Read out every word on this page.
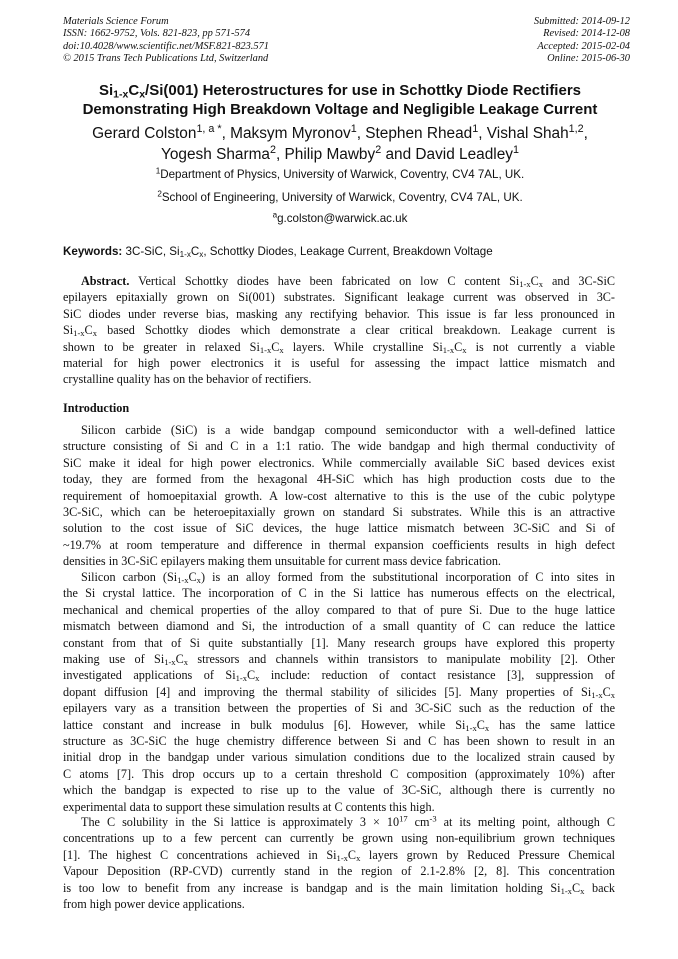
Materials Science Forum
ISSN: 1662-9752, Vols. 821-823, pp 571-574
doi:10.4028/www.scientific.net/MSF.821-823.571
© 2015 Trans Tech Publications Ltd, Switzerland
Submitted: 2014-09-12
Revised: 2014-12-08
Accepted: 2015-02-04
Online: 2015-06-30
$Si_{1-x}C_x/Si(001)$ Heterostructures for use in Schottky Diode Rectifiers
Demonstrating High Breakdown Voltage and Negligible Leakage Current
Gerard Colston$^{1, a *}$, Maksym Myronov$^1$, Stephen Rhead$^1$, Vishal Shah$^{1,2}$,
Yogesh Sharma$^2$, Philip Mawby$^2$ and David Leadley$^1$
$^1$Department of Physics, University of Warwick, Coventry, CV4 7AL, UK.
$^2$School of Engineering, University of Warwick, Coventry, CV4 7AL, UK.
$^a$g.colston@warwick.ac.uk
Keywords: 3C-SiC, $Si_{1-x}C_x$, Schottky Diodes, Leakage Current, Breakdown Voltage
Abstract. Vertical Schottky diodes have been fabricated on low C content $Si_{1-x}C_x$ and 3C-SiC
epilayers epitaxially grown on Si(001) substrates. Significant leakage current was observed in 3C-
SiC diodes under reverse bias, masking any rectifying behavior. This issue is far less pronounced in
$Si_{1-x}C_x$ based Schottky diodes which demonstrate a clear critical breakdown. Leakage current is
shown to be greater in relaxed $Si_{1-x}C_x$ layers. While crystalline $Si_{1-x}C_x$ is not currently a viable
material for high power electronics it is useful for assessing the impact lattice mismatch and
crystalline quality has on the behavior of rectifiers.
Introduction
Silicon carbide (SiC) is a wide bandgap compound semiconductor with a well-defined lattice
structure consisting of Si and C in a 1:1 ratio. The wide bandgap and high thermal conductivity of
SiC make it ideal for high power electronics. While commercially available SiC based devices exist
today, they are formed from the hexagonal 4H-SiC which has high production costs due to the
requirement of homoepitaxial growth. A low-cost alternative to this is the use of the cubic polytype
3C-SiC, which can be heteroepitaxially grown on standard Si substrates. While this is an attractive
solution to the cost issue of SiC devices, the huge lattice mismatch between 3C-SiC and Si of
~19.7% at room temperature and difference in thermal expansion coefficients results in high defect
densities in 3C-SiC epilayers making them unsuitable for current mass device fabrication.
Silicon carbon $(Si_{1-x}C_x)$ is an alloy formed from the substitutional incorporation of C into sites in
the Si crystal lattice. The incorporation of C in the Si lattice has numerous effects on the electrical,
mechanical and chemical properties of the alloy compared to that of pure Si. Due to the huge lattice
mismatch between diamond and Si, the introduction of a small quantity of C can reduce the lattice
constant from that of Si quite substantially [1]. Many research groups have explored this property
making use of $Si_{1-x}C_x$ stressors and channels within transistors to manipulate mobility [2]. Other
investigated applications of $Si_{1-x}C_x$ include: reduction of contact resistance [3], suppression of
dopant diffusion [4] and improving the thermal stability of silicides [5]. Many properties of $Si_{1-x}C_x$
epilayers vary as a transition between the properties of Si and 3C-SiC such as the reduction of the
lattice constant and increase in bulk modulus [6]. However, while $Si_{1-x}C_x$ has the same lattice
structure as 3C-SiC the huge chemistry difference between Si and C has been shown to result in an
initial drop in the bandgap under various simulation conditions due to the localized strain caused by
C atoms [7]. This drop occurs up to a certain threshold C composition (approximately 10%) after
which the bandgap is expected to rise up to the value of 3C-SiC, although there is currently no
experimental data to support these simulation results at C contents this high.
The C solubility in the Si lattice is approximately $3 \times 10^{17}$ $cm^{-3}$ at its melting point, although C
concentrations up to a few percent can currently be grown using non-equilibrium grown techniques
[1]. The highest C concentrations achieved in $Si_{1-x}C_x$ layers grown by Reduced Pressure Chemical
Vapour Deposition (RP-CVD) currently stand in the region of 2.1-2.8% [2, 8]. This concentration
is too low to benefit from any increase is bandgap and is the main limitation holding $Si_{1-x}C_x$ back
from high power device applications.
